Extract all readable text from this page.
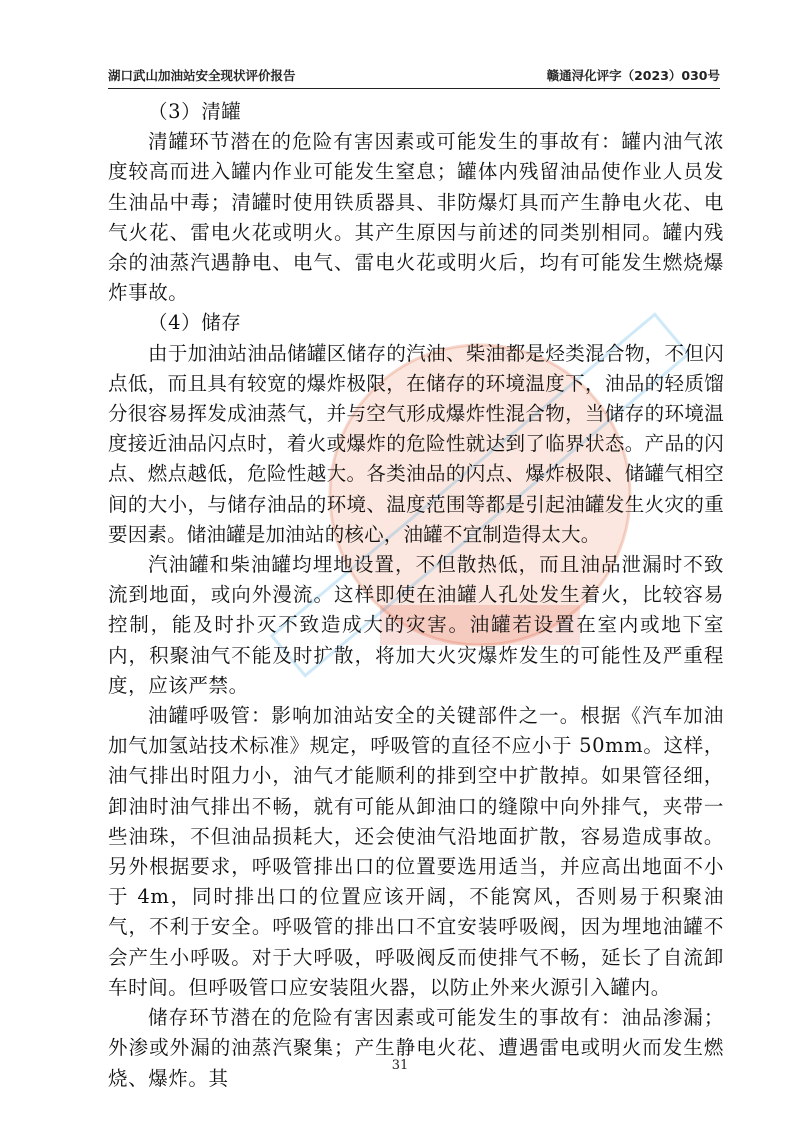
湖口武山加油站安全现状评价报告	赣通浔化评字（2023）030号

（3）清罐

清罐环节潜在的危险有害因素或可能发生的事故有：罐内油气浓度较高而进入罐内作业可能发生窒息；罐体内残留油品使作业人员发生油品中毒；清罐时使用铁质器具、非防爆灯具而产生静电火花、电气火花、雷电火花或明火。其产生原因与前述的同类别相同。罐内残余的油蒸汽遇静电、电气、雷电火花或明火后，均有可能发生燃烧爆炸事故。

（4）储存

由于加油站油品储罐区储存的汽油、柴油都是烃类混合物，不但闪点低，而且具有较宽的爆炸极限，在储存的环境温度下，油品的轻质馏分很容易挥发成油蒸气，并与空气形成爆炸性混合物，当储存的环境温度接近油品闪点时，着火或爆炸的危险性就达到了临界状态。产品的闪点、燃点越低，危险性越大。各类油品的闪点、爆炸极限、储罐气相空间的大小，与储存油品的环境、温度范围等都是引起油罐发生火灾的重要因素。储油罐是加油站的核心，油罐不宜制造得太大。

汽油罐和柴油罐均埋地设置，不但散热低，而且油品泄漏时不致流到地面，或向外漫流。这样即使在油罐人孔处发生着火，比较容易控制，能及时扑灭不致造成大的灾害。油罐若设置在室内或地下室内，积聚油气不能及时扩散，将加大火灾爆炸发生的可能性及严重程度，应该严禁。

油罐呼吸管：影响加油站安全的关键部件之一。根据《汽车加油加气加氢站技术标准》规定，呼吸管的直径不应小于 50mm。这样，油气排出时阻力小，油气才能顺利的排到空中扩散掉。如果管径细，卸油时油气排出不畅，就有可能从卸油口的缝隙中向外排气，夹带一些油珠，不但油品损耗大，还会使油气沿地面扩散，容易造成事故。另外根据要求，呼吸管排出口的位置要选用适当，并应高出地面不小于 4m，同时排出口的位置应该开阔，不能窝风，否则易于积聚油气，不利于安全。呼吸管的排出口不宜安装呼吸阀，因为埋地油罐不会产生小呼吸。对于大呼吸，呼吸阀反而使排气不畅，延长了自流卸车时间。但呼吸管口应安装阻火器，以防止外来火源引入罐内。

储存环节潜在的危险有害因素或可能发生的事故有：油品渗漏；外渗或外漏的油蒸汽聚集；产生静电火花、遭遇雷电或明火而发生燃烧、爆炸。其

31
